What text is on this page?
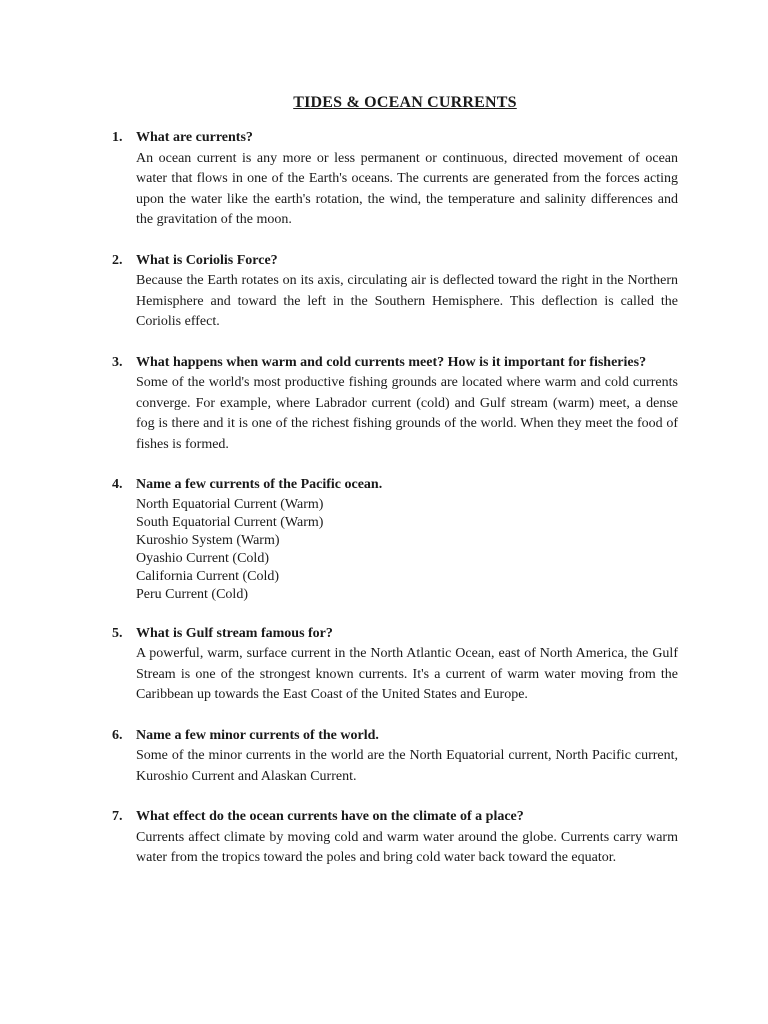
TIDES & OCEAN CURRENTS
1. What are currents?
An ocean current is any more or less permanent or continuous, directed movement of ocean water that flows in one of the Earth's oceans. The currents are generated from the forces acting upon the water like the earth's rotation, the wind, the temperature and salinity differences and the gravitation of the moon.
2. What is Coriolis Force?
Because the Earth rotates on its axis, circulating air is deflected toward the right in the Northern Hemisphere and toward the left in the Southern Hemisphere. This deflection is called the Coriolis effect.
3. What happens when warm and cold currents meet? How is it important for fisheries?
Some of the world's most productive fishing grounds are located where warm and cold currents converge. For example, where Labrador current (cold) and Gulf stream (warm) meet, a dense fog is there and it is one of the richest fishing grounds of the world. When they meet the food of fishes is formed.
4. Name a few currents of the Pacific ocean.
North Equatorial Current (Warm)
South Equatorial Current (Warm)
Kuroshio System (Warm)
Oyashio Current (Cold)
California Current (Cold)
Peru Current (Cold)
5. What is Gulf stream famous for?
A powerful, warm, surface current in the North Atlantic Ocean, east of North America, the Gulf Stream is one of the strongest known currents. It's a current of warm water moving from the Caribbean up towards the East Coast of the United States and Europe.
6. Name a few minor currents of the world.
Some of the minor currents in the world are the North Equatorial current, North Pacific current, Kuroshio Current and Alaskan Current.
7. What effect do the ocean currents have on the climate of a place?
Currents affect climate by moving cold and warm water around the globe. Currents carry warm water from the tropics toward the poles and bring cold water back toward the equator.
